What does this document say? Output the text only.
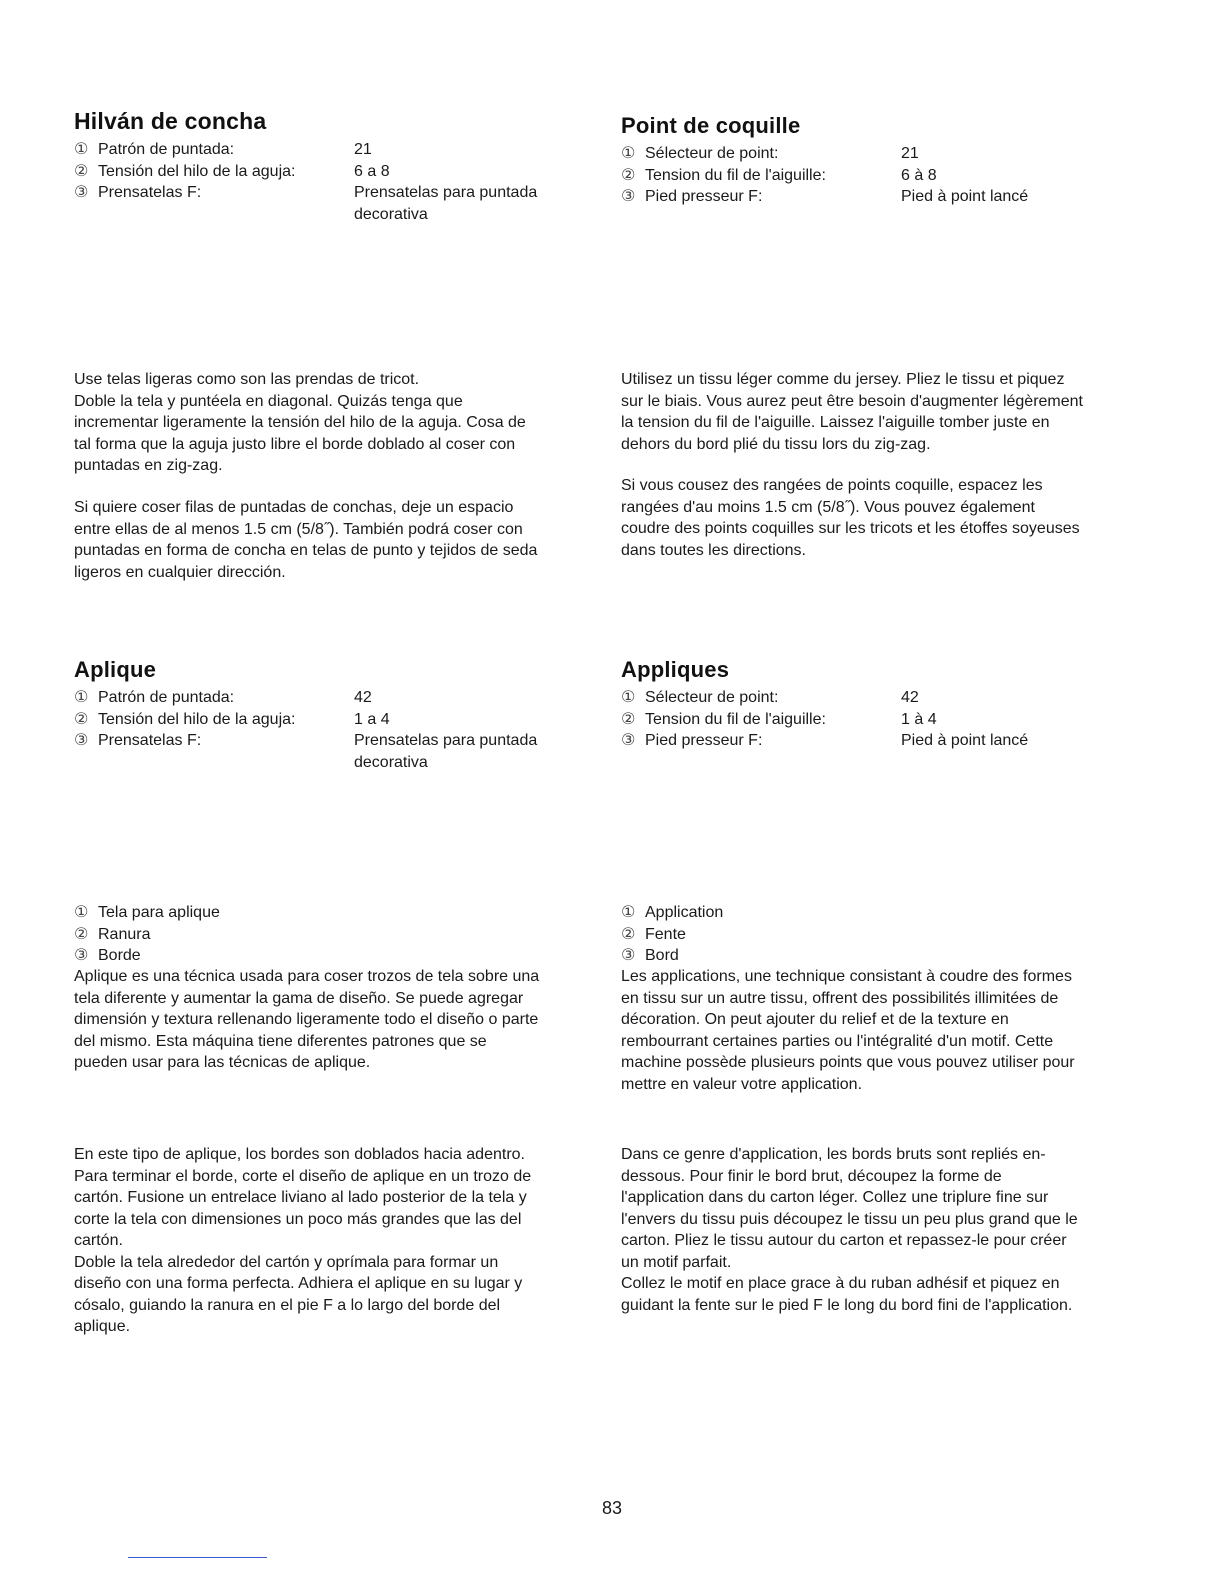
Hilván de concha
① Patrón de puntada:	21
② Tensión del hilo de la aguja:	6 a 8
③ Prensatelas F:	Prensatelas para puntada
decorativa

Use telas ligeras como son las prendas de tricot.
Doble la tela y puntéela en diagonal. Quizás tenga que
incrementar ligeramente la tensión del hilo de la aguja. Cosa de
tal forma que la aguja justo libre el borde doblado al coser con
puntadas en zig-zag.

Si quiere coser filas de puntadas de conchas, deje un espacio
entre ellas de al menos 1.5 cm (5/8˝). También podrá coser con
puntadas en forma de concha en telas de punto y tejidos de seda
ligeros en cualquier dirección.

Point de coquille
① Sélecteur de point:	21
② Tension du fil de l'aiguille:	6 à 8
③ Pied presseur F:	Pied à point lancé

Utilisez un tissu léger comme du jersey. Pliez le tissu et piquez
sur le biais. Vous aurez peut être besoin d'augmenter légèrement
la tension du fil de l'aiguille. Laissez l'aiguille tomber juste en
dehors du bord plié du tissu lors du zig-zag.

Si vous cousez des rangées de points coquille, espacez les
rangées d'au moins 1.5 cm (5/8˝). Vous pouvez également
coudre des points coquilles sur les tricots et les étoffes soyeuses
dans toutes les directions.

Aplique
① Patrón de puntada:	42
② Tensión del hilo de la aguja:	1 a 4
③ Prensatelas F:	Prensatelas para puntada
decorativa
① Tela para aplique
② Ranura
③ Borde

Aplique es una técnica usada para coser trozos de tela sobre una
tela diferente y aumentar la gama de diseño. Se puede agregar
dimensión y textura rellenando ligeramente todo el diseño o parte
del mismo. Esta máquina tiene diferentes patrones que se
pueden usar para las técnicas de aplique.

En este tipo de aplique, los bordes son doblados hacia adentro.
Para terminar el borde, corte el diseño de aplique en un trozo de
cartón. Fusione un entrelace liviano al lado posterior de la tela y
corte la tela con dimensiones un poco más grandes que las del
cartón.
Doble la tela alrededor del cartón y oprímala para formar un
diseño con una forma perfecta. Adhiera el aplique en su lugar y
cósalo, guiando la ranura en el pie F a lo largo del borde del
aplique.

Appliques
① Sélecteur de point:	42
② Tension du fil de l'aiguille:	1 à 4
③ Pied presseur F:	Pied à point lancé
① Application
② Fente
③ Bord

Les applications, une technique consistant à coudre des formes
en tissu sur un autre tissu, offrent des possibilités illimitées de
décoration. On peut ajouter du relief et de la texture en
rembourrant certaines parties ou l'intégralité d'un motif. Cette
machine possède plusieurs points que vous pouvez utiliser pour
mettre en valeur votre application.

Dans ce genre d'application, les bords bruts sont repliés en-
dessous. Pour finir le bord brut, découpez la forme de
l'application dans du carton léger. Collez une triplure fine sur
l'envers du tissu puis découpez le tissu un peu plus grand que le
carton. Pliez le tissu autour du carton et repassez-le pour créer
un motif parfait.
Collez le motif en place grace à du ruban adhésif et piquez en
guidant la fente sur le pied F le long du bord fini de l'application.

83
